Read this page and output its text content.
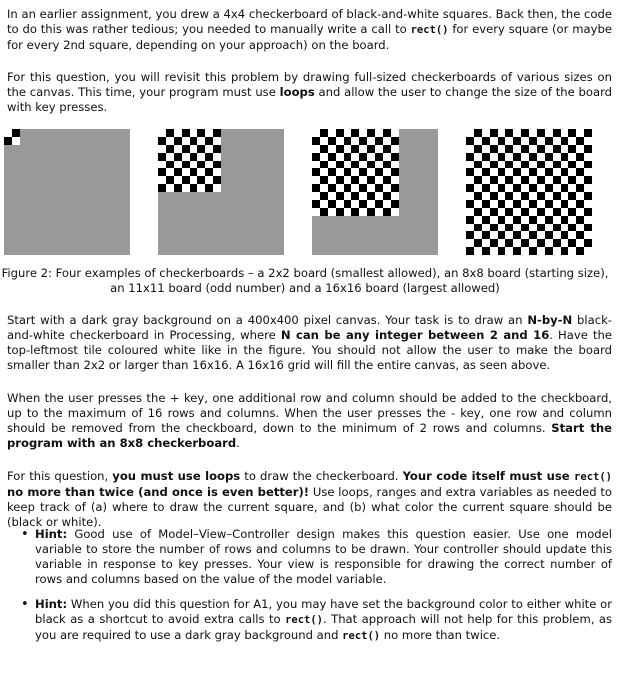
In an earlier assignment, you drew a 4x4 checkerboard of black-and-white squares. Back then, the code to do this was rather tedious; you needed to manually write a call to rect() for every square (or maybe for every 2nd square, depending on your approach) on the board.

For this question, you will revisit this problem by drawing full-sized checkerboards of various sizes on the canvas. This time, your program must use loops and allow the user to change the size of the board with key presses.

Figure 2: Four examples of checkerboards – a 2x2 board (smallest allowed), an 8x8 board (starting size),
an 11x11 board (odd number) and a 16x16 board (largest allowed)

Start with a dark gray background on a 400x400 pixel canvas. Your task is to draw an N-by-N black-and-white checkerboard in Processing, where N can be any integer between 2 and 16. Have the top-leftmost tile coloured white like in the figure. You should not allow the user to make the board smaller than 2x2 or larger than 16x16. A 16x16 grid will fill the entire canvas, as seen above.

When the user presses the + key, one additional row and column should be added to the checkboard, up to the maximum of 16 rows and columns. When the user presses the - key, one row and column should be removed from the checkboard, down to the minimum of 2 rows and columns. Start the program with an 8x8 checkerboard.

For this question, you must use loops to draw the checkerboard. Your code itself must use rect() no more than twice (and once is even better)! Use loops, ranges and extra variables as needed to keep track of (a) where to draw the current square, and (b) what color the current square should be (black or white).

• Hint: Good use of Model–View–Controller design makes this question easier. Use one model variable to store the number of rows and columns to be drawn. Your controller should update this variable in response to key presses. Your view is responsible for drawing the correct number of rows and columns based on the value of the model variable.
• Hint: When you did this question for A1, you may have set the background color to either white or black as a shortcut to avoid extra calls to rect(). That approach will not help for this problem, as you are required to use a dark gray background and rect() no more than twice.
